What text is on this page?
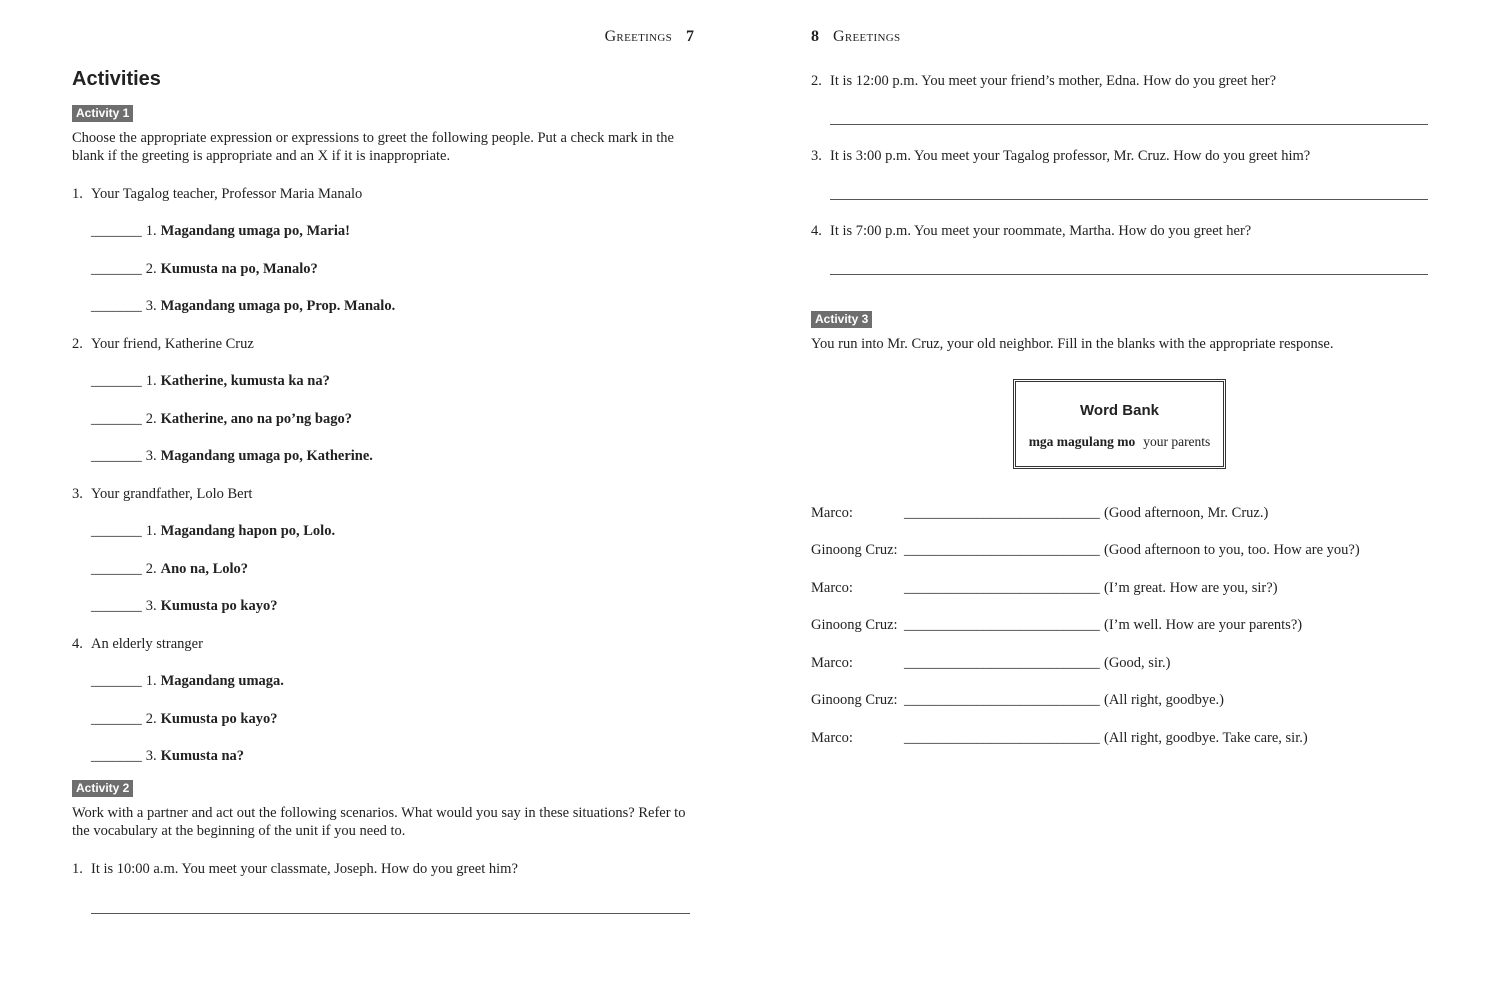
Greetings 7
Activities
Activity 1

Choose the appropriate expression or expressions to greet the following people. Put a check mark in the blank if the greeting is appropriate and an X if it is inappropriate.

1. Your Tagalog teacher, Professor Maria Manalo
_______ 1. Magandang umaga po, Maria!
_______ 2. Kumusta na po, Manalo?
_______ 3. Magandang umaga po, Prop. Manalo.
2. Your friend, Katherine Cruz
_______ 1. Katherine, kumusta ka na?
_______ 2. Katherine, ano na po’ng bago?
_______ 3. Magandang umaga po, Katherine.
3. Your grandfather, Lolo Bert
_______ 1. Magandang hapon po, Lolo.
_______ 2. Ano na, Lolo?
_______ 3. Kumusta po kayo?
4. An elderly stranger
_______ 1. Magandang umaga.
_______ 2. Kumusta po kayo?
_______ 3. Kumusta na?
Activity 2

Work with a partner and act out the following scenarios. What would you say in these situations? Refer to the vocabulary at the beginning of the unit if you need to.

1. It is 10:00 a.m. You meet your classmate, Joseph. How do you greet him?
8 Greetings
2. It is 12:00 p.m. You meet your friend’s mother, Edna. How do you greet her?
3. It is 3:00 p.m. You meet your Tagalog professor, Mr. Cruz. How do you greet him?
4. It is 7:00 p.m. You meet your roommate, Martha. How do you greet her?
Activity 3

You run into Mr. Cruz, your old neighbor. Fill in the blanks with the appropriate response.

Word Bank
mga magulang mo your parents
Marco:	___________________________ (Good afternoon, Mr. Cruz.)
Ginoong Cruz: ___________________________ (Good afternoon to you, too. How are you?)
Marco:	___________________________ (I’m great. How are you, sir?)
Ginoong Cruz: ___________________________ (I’m well. How are your parents?)
Marco:	___________________________ (Good, sir.)
Ginoong Cruz: ___________________________ (All right, goodbye.)
Marco:	___________________________ (All right, goodbye. Take care, sir.)
